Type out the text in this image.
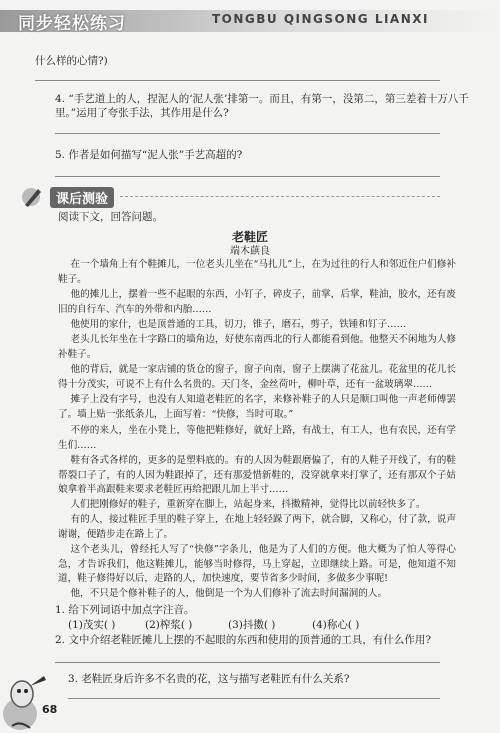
同步轻松练习	TONGBU QINGSONG LIANXI
什么样的心情?)
4. “手艺道上的人，捏泥人的‘泥人张’排第一。而且，有第一，没第二，第三差着十万八千
里。”运用了夸张手法，其作用是什么?
5. 作者是如何描写“泥人张”手艺高超的?
课后测验
阅读下文，回答问题。
老鞋匠
端木蕻良
在一个墙角上有个鞋摊儿，一位老头儿坐在“马扎儿”上，在为过往的行人和邻近住户们修补鞋子。
他的摊儿上，摆着一些不起眼的东西，小钉子，碎皮子，前掌，后掌，鞋油，胶水，还有废旧的自行车、汽车的外带和内胎……
他使用的家什，也是顶普通的工具，切刀，锥子，磨石，剪子，铁锤和钉子……
老头儿长年坐在十字路口的墙角边，好使东南西北的行人都能看到他。他整天不闲地为人修补鞋子。
他的背后，就是一家店铺的货仓的窗子，窗子向南，窗子上摆满了花盆儿。花盆里的花儿长得十分茂实，可说不上有什么名贵的。天门冬，金丝荷叶，柳叶草，还有一盆玻璃翠……
摊子上没有字号，也没有人知道老鞋匠的名字，来修补鞋子的人只是顺口叫他一声老师傅罢了。墙上贴一张纸条儿，上面写着：“快修，当时可取。”
不停的来人，坐在小凳上，等他把鞋修好，就好上路，有战士，有工人，也有农民，还有学生们……
鞋有各式各样的，更多的是塑料底的。有的人因为鞋跟磨偏了，有的人鞋子开线了，有的鞋帮裂口子了，有的人因为鞋跟掉了，还有那爱惜新鞋的，没穿就拿来打掌了，还有那双个子姑娘拿着半高跟鞋来要求老鞋匠再给把跟儿加上半寸……
人们把刚修好的鞋子，重新穿在脚上，站起身来，抖擞精神，觉得比以前轻快多了。
有的人，接过鞋匠手里的鞋子穿上，在地上轻轻跺了两下，就合脚，又称心，付了款，说声谢谢，便踏步走在路上了。
这个老头儿，曾经托人写了“快修”字条儿，他是为了人们的方便。他大概为了怕人等得心急，才告诉我们，他这鞋摊儿，能够当时修得，马上穿起，立即继续上路。可是，他知道不知道，鞋子修得好以后，走路的人，加快速度，要节省多少时间，多做多少事呢!
他，不只是个修补鞋子的人，他倒是一个为人们修补了流去时间漏洞的人。
1. 给下列词语中加点字注音。
(1)茂实( )	(2)榨浆( )	(3)抖擞( )	(4)称心( )
2. 文中介绍老鞋匠摊儿上摆的不起眼的东西和使用的顶普通的工具，有什么作用?
3. 老鞋匠身后许多不名贵的花，这与描写老鞋匠有什么关系?
68
